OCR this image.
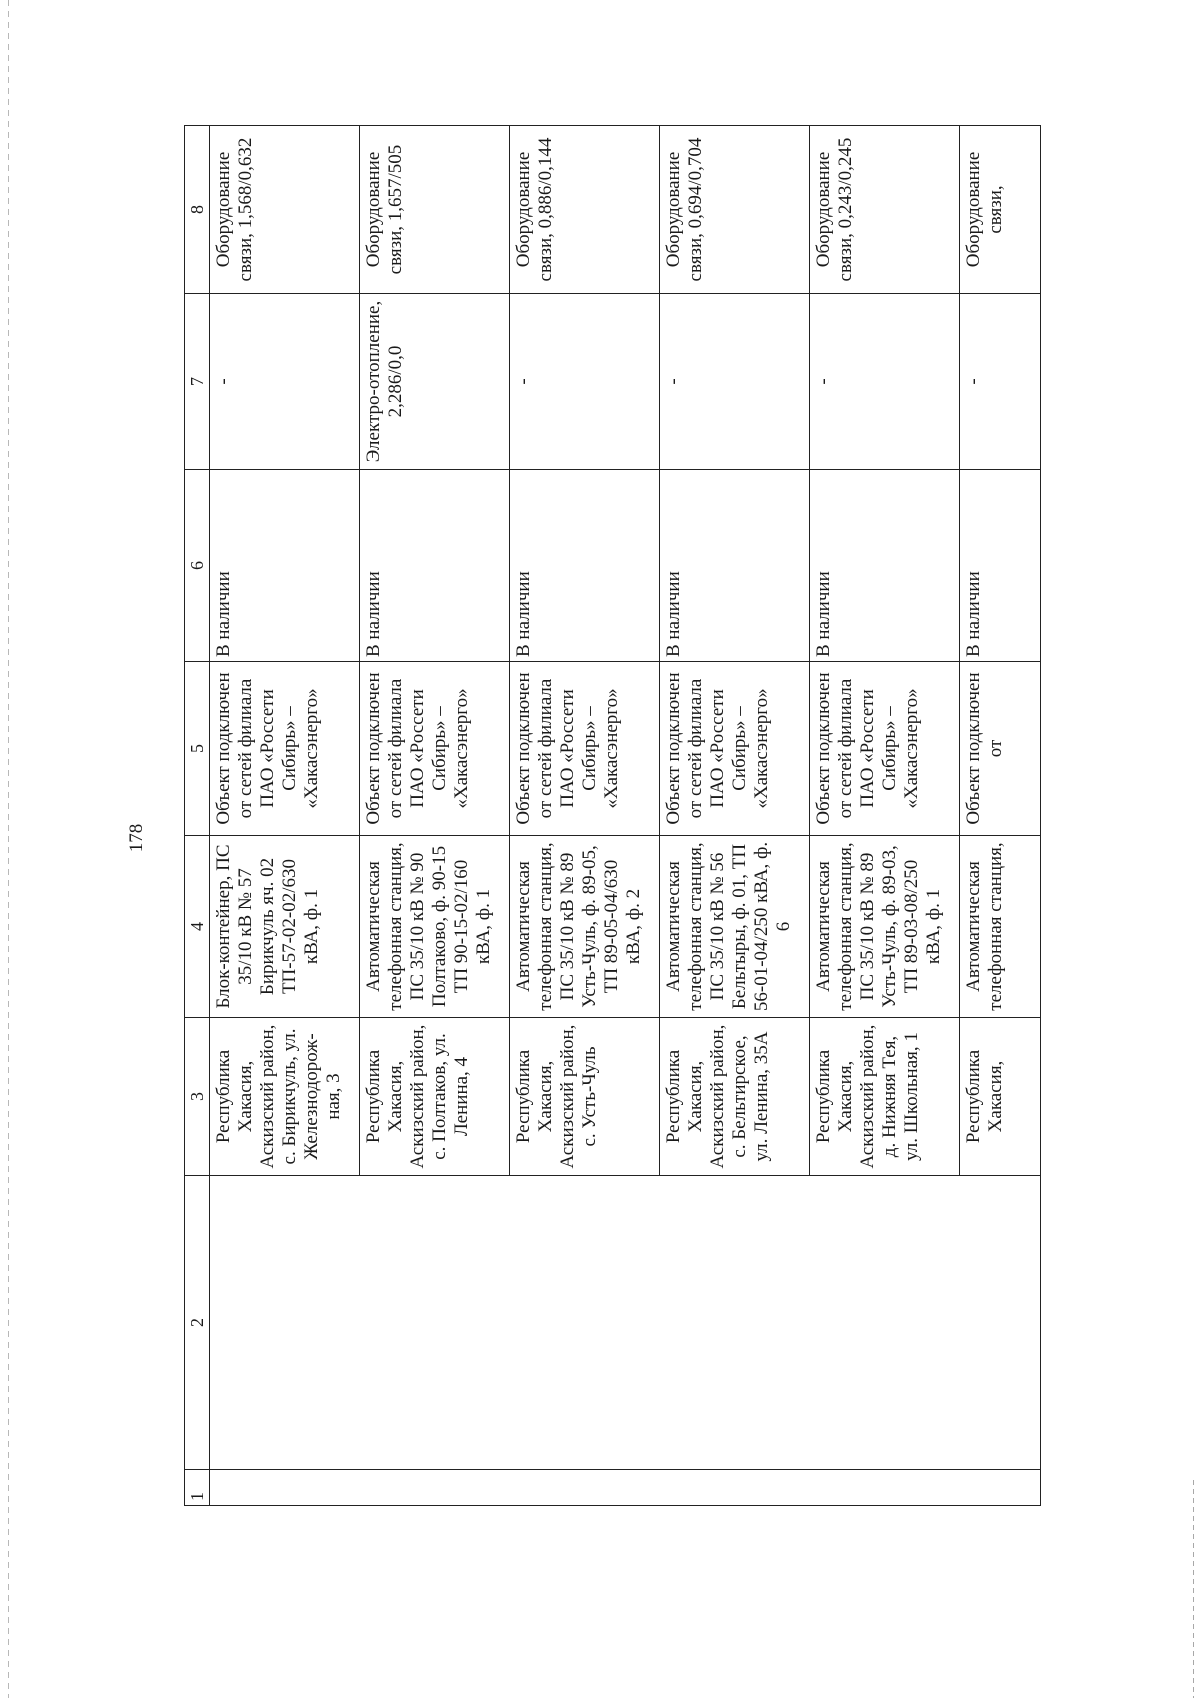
178
1	2	3	4	5	6	7	8
		Республика Хакасия, Аскизский район, с. Бирикчуль, ул. Железнодорож-ная, 3	Блок-контейнер, ПС 35/10 кВ № 57 Бирикчуль яч. 02 ТП-57-02-02/630 кВА, ф. 1	Объект подключен от сетей филиала ПАО «Россети Сибирь» – «Хакасэнерго»	В наличии	-	Оборудование связи, 1,568/0,632
		Республика Хакасия, Аскизский район, с. Полтаков, ул. Ленина, 4	Автоматическая телефонная станция, ПС 35/10 кВ № 90 Полтаково, ф. 90-15 ТП 90-15-02/160 кВА, ф. 1	Объект подключен от сетей филиала ПАО «Россети Сибирь» – «Хакасэнерго»	В наличии	Электро-отопление, 2,286/0,0	Оборудование связи, 1,657/505
		Республика Хакасия, Аскизский район, с. Усть-Чуль	Автоматическая телефонная станция, ПС 35/10 кВ № 89 Усть-Чуль, ф. 89-05, ТП 89-05-04/630 кВА, ф. 2	Объект подключен от сетей филиала ПАО «Россети Сибирь» – «Хакасэнерго»	В наличии	-	Оборудование связи, 0,886/0,144
		Республика Хакасия, Аскизский район, с. Бельтирское, ул. Ленина, 35А	Автоматическая телефонная станция, ПС 35/10 кВ № 56 Бельтыры, ф. 01, ТП 56-01-04/250 кВА, ф. 6	Объект подключен от сетей филиала ПАО «Россети Сибирь» – «Хакасэнерго»	В наличии	-	Оборудование связи, 0,694/0,704
		Республика Хакасия, Аскизский район, д. Нижняя Тея, ул. Школьная, 1	Автоматическая телефонная станция, ПС 35/10 кВ № 89 Усть-Чуль, ф. 89-03, ТП 89-03-08/250 кВА, ф. 1	Объект подключен от сетей филиала ПАО «Россети Сибирь» – «Хакасэнерго»	В наличии	-	Оборудование связи, 0,243/0,245
		Республика Хакасия,	Автоматическая телефонная станция,	Объект подключен от	В наличии	-	Оборудование связи,
